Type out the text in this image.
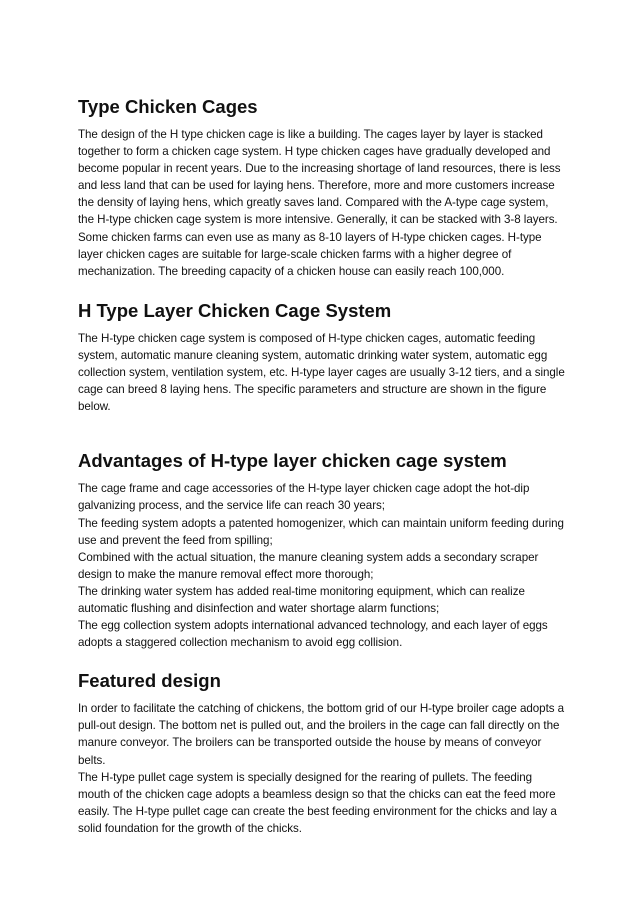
Type Chicken Cages

The design of the H type chicken cage is like a building. The cages layer by layer is stacked together to form a chicken cage system. H type chicken cages have gradually developed and become popular in recent years. Due to the increasing shortage of land resources, there is less and less land that can be used for laying hens. Therefore, more and more customers increase the density of laying hens, which greatly saves land. Compared with the A-type cage system, the H-type chicken cage system is more intensive. Generally, it can be stacked with 3-8 layers. Some chicken farms can even use as many as 8-10 layers of H-type chicken cages. H-type layer chicken cages are suitable for large-scale chicken farms with a higher degree of mechanization. The breeding capacity of a chicken house can easily reach 100,000.

H Type Layer Chicken Cage System

The H-type chicken cage system is composed of H-type chicken cages, automatic feeding system, automatic manure cleaning system, automatic drinking water system, automatic egg collection system, ventilation system, etc. H-type layer cages are usually 3-12 tiers, and a single cage can breed 8 laying hens. The specific parameters and structure are shown in the figure below.

Advantages of H-type layer chicken cage system

The cage frame and cage accessories of the H-type layer chicken cage adopt the hot-dip galvanizing process, and the service life can reach 30 years;

The feeding system adopts a patented homogenizer, which can maintain uniform feeding during use and prevent the feed from spilling;

Combined with the actual situation, the manure cleaning system adds a secondary scraper design to make the manure removal effect more thorough;

The drinking water system has added real-time monitoring equipment, which can realize automatic flushing and disinfection and water shortage alarm functions;

The egg collection system adopts international advanced technology, and each layer of eggs adopts a staggered collection mechanism to avoid egg collision.

Featured design

In order to facilitate the catching of chickens, the bottom grid of our H-type broiler cage adopts a pull-out design. The bottom net is pulled out, and the broilers in the cage can fall directly on the manure conveyor. The broilers can be transported outside the house by means of conveyor belts.

The H-type pullet cage system is specially designed for the rearing of pullets. The feeding mouth of the chicken cage adopts a beamless design so that the chicks can eat the feed more easily. The H-type pullet cage can create the best feeding environment for the chicks and lay a solid foundation for the growth of the chicks.
